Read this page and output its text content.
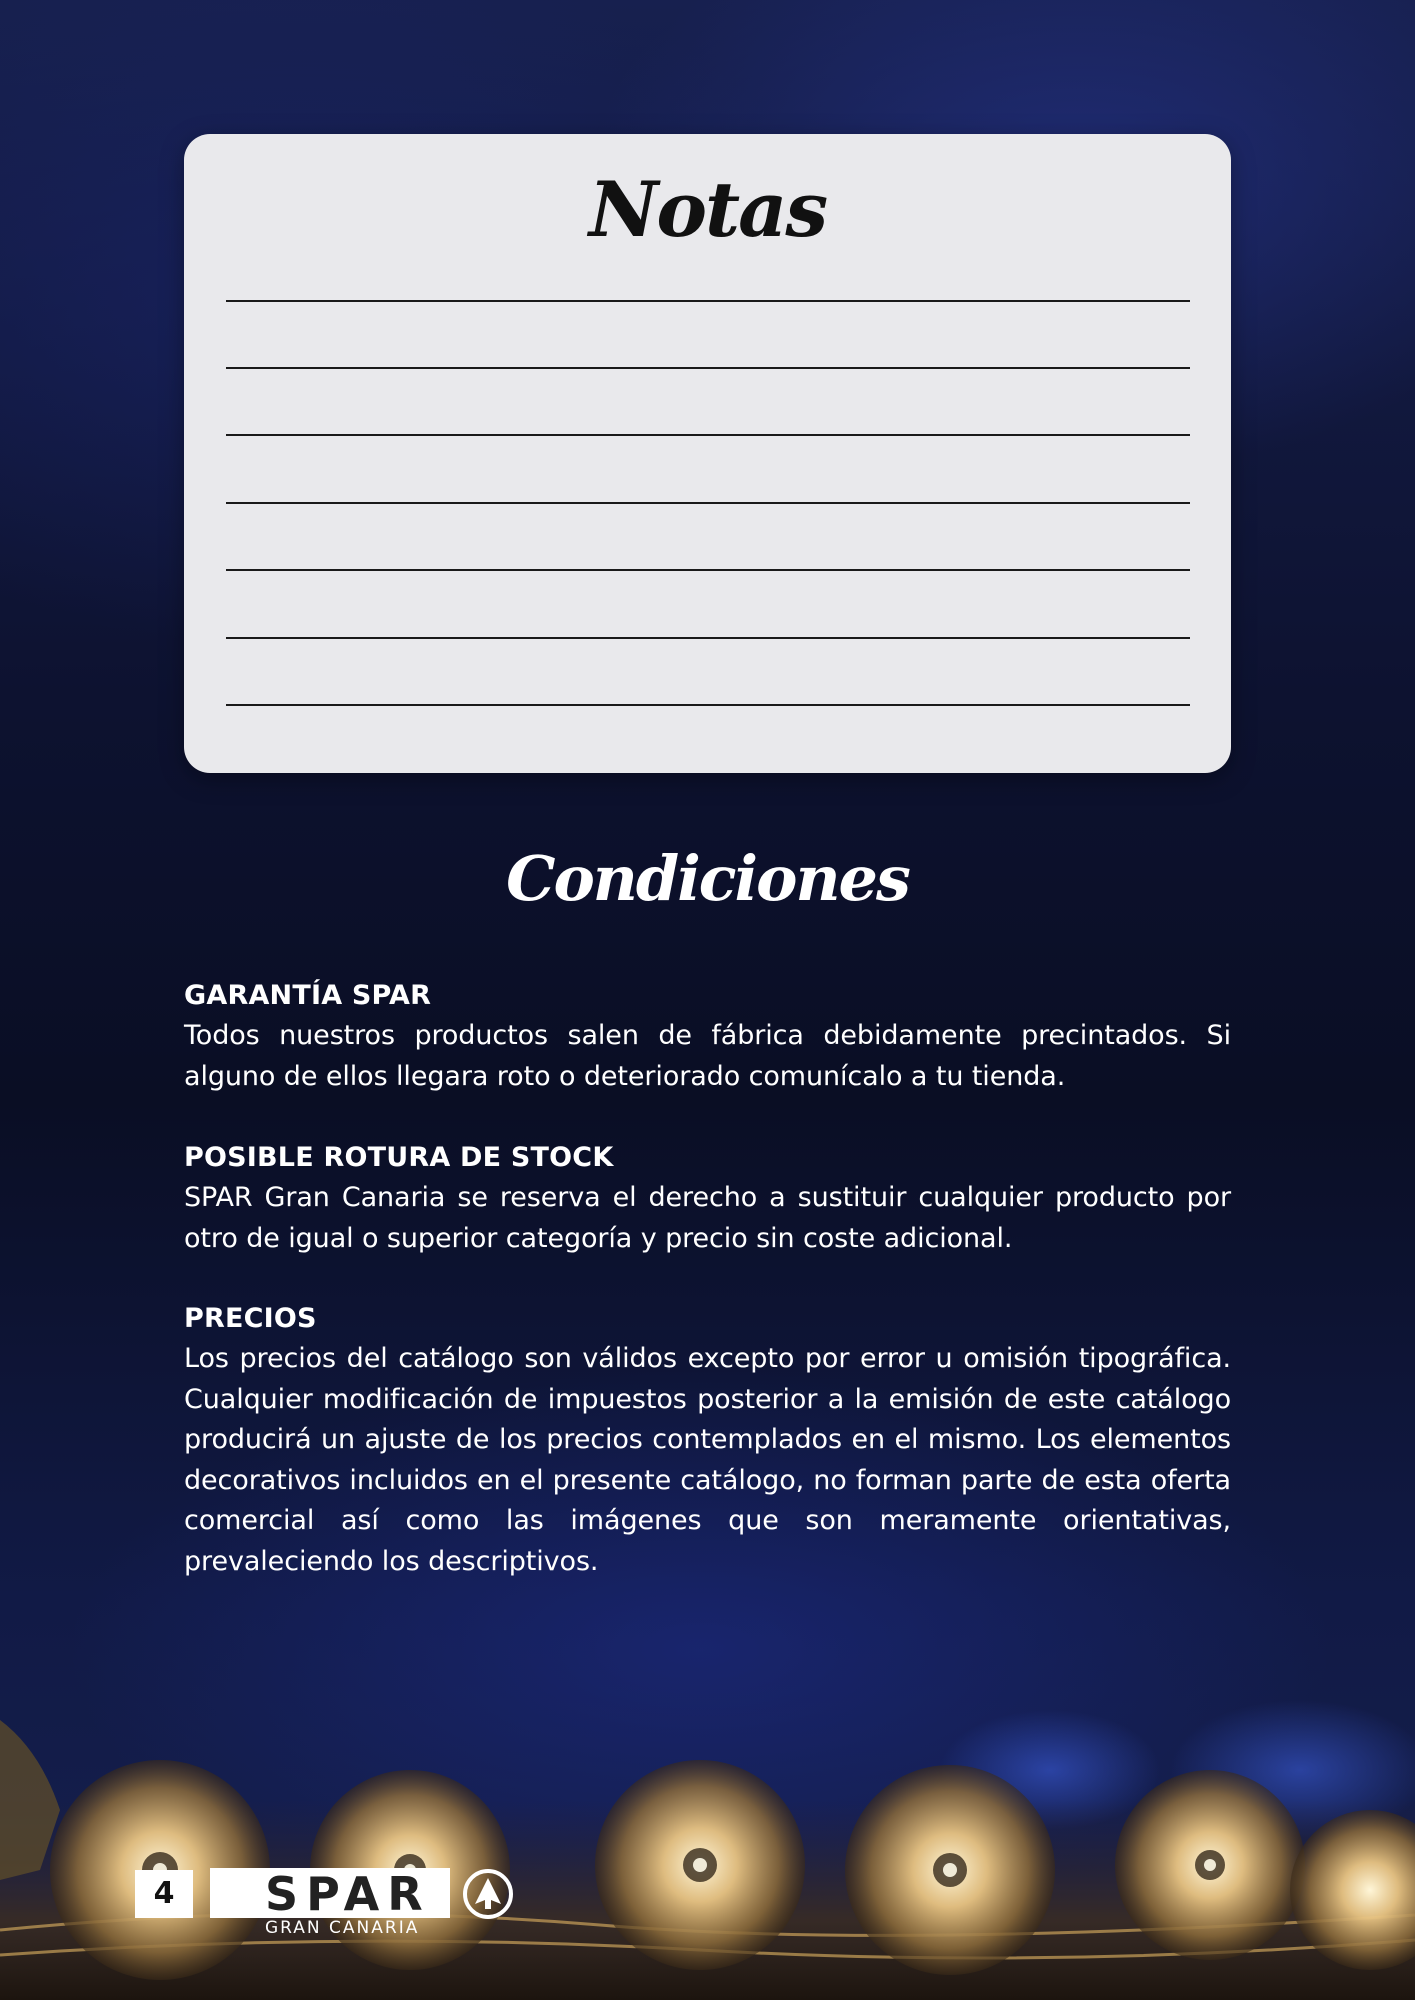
Notas
Condiciones

GARANTÍA SPAR

Todos nuestros productos salen de fábrica debidamente precintados. Si alguno de ellos llegara roto o deteriorado comunícalo a tu tienda.

POSIBLE ROTURA DE STOCK

SPAR Gran Canaria se reserva el derecho a sustituir cualquier producto por otro de igual o superior categoría y precio sin coste adicional.

PRECIOS

Los precios del catálogo son válidos excepto por error u omisión tipográfica. Cualquier modificación de impuestos posterior a la emisión de este catálogo producirá un ajuste de los precios contemplados en el mismo. Los elementos decorativos incluidos en el presente catálogo, no forman parte de esta oferta comercial así como las imágenes que son meramente orientativas, prevaleciendo los descriptivos.

4	SPAR
GRAN CANARIA
